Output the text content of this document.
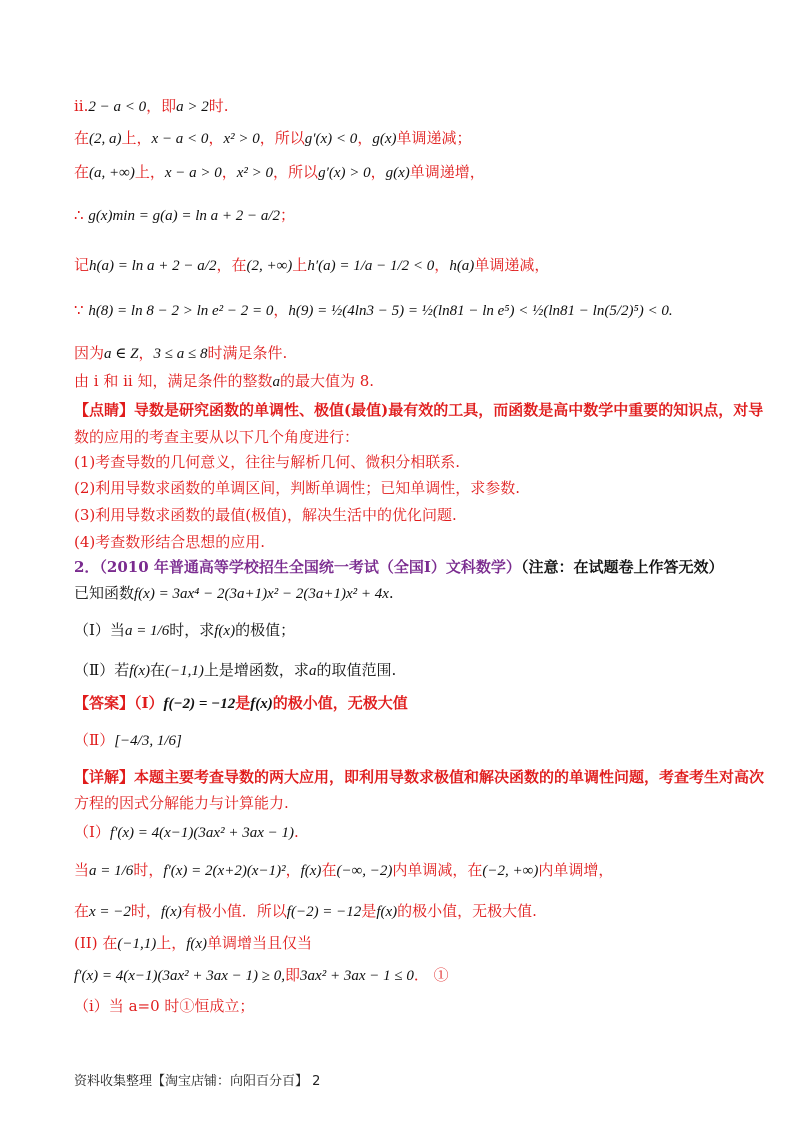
ii.2 − a < 0，即a > 2时.
在(2, a)上，x − a < 0，x² > 0，所以g′(x) < 0，g(x)单调递减；
在(a, +∞)上，x − a > 0，x² > 0，所以g′(x) > 0，g(x)单调递增，
∴ g(x)min = g(a) = ln a + 2 − a/2；
记h(a) = ln a + 2 − a/2，在(2, +∞)上h′(a) = 1/a − 1/2 < 0，h(a)单调递减，
∵ h(8) = ln 8 − 2 > ln e² − 2 = 0，h(9) = ½(4ln3 − 5) = ½(ln81 − ln e⁵) < ½(ln81 − ln(5/2)⁵) < 0.
因为a ∈ Z，3 ≤ a ≤ 8时满足条件.
由 i 和 ii 知，满足条件的整数a的最大值为 8.
【点睛】导数是研究函数的单调性、极值(最值)最有效的工具，而函数是高中数学中重要的知识点，对导
数的应用的考查主要从以下几个角度进行：
(1)考查导数的几何意义，往往与解析几何、微积分相联系.
(2)利用导数求函数的单调区间，判断单调性；已知单调性，求参数.
(3)利用导数求函数的最值(极值)，解决生活中的优化问题.
(4)考查数形结合思想的应用.
2．（2010 年普通高等学校招生全国统一考试（全国Ⅰ）文科数学）（注意：在试题卷上作答无效）
已知函数f(x) = 3ax⁴ − 2(3a+1)x² − 2(3a+1)x² + 4x.
（Ⅰ）当a = 1/6时，求f(x)的极值；
（Ⅱ）若f(x)在(−1,1)上是增函数，求a的取值范围.
【答案】（Ⅰ）f(−2) = −12是f(x)的极小值，无极大值
（Ⅱ）[−4/3, 1/6]
【详解】本题主要考查导数的两大应用，即利用导数求极值和解决函数的的单调性问题，考查考生对高次
方程的因式分解能力与计算能力.
（Ⅰ）f′(x) = 4(x−1)(3ax² + 3ax − 1).
当a = 1/6时，f′(x) = 2(x+2)(x−1)²，f(x)在(−∞, −2)内单调减，在(−2, +∞)内单调增，
在x = −2时，f(x)有极小值．所以f(−2) = −12是f(x)的极小值，无极大值.
(II) 在(−1,1)上，f(x)单调增当且仅当
f′(x) = 4(x−1)(3ax² + 3ax − 1) ≥ 0,即3ax² + 3ax − 1 ≤ 0． ①
（i）当 a=0 时①恒成立；
资料收集整理【淘宝店铺：向阳百分百】 2
